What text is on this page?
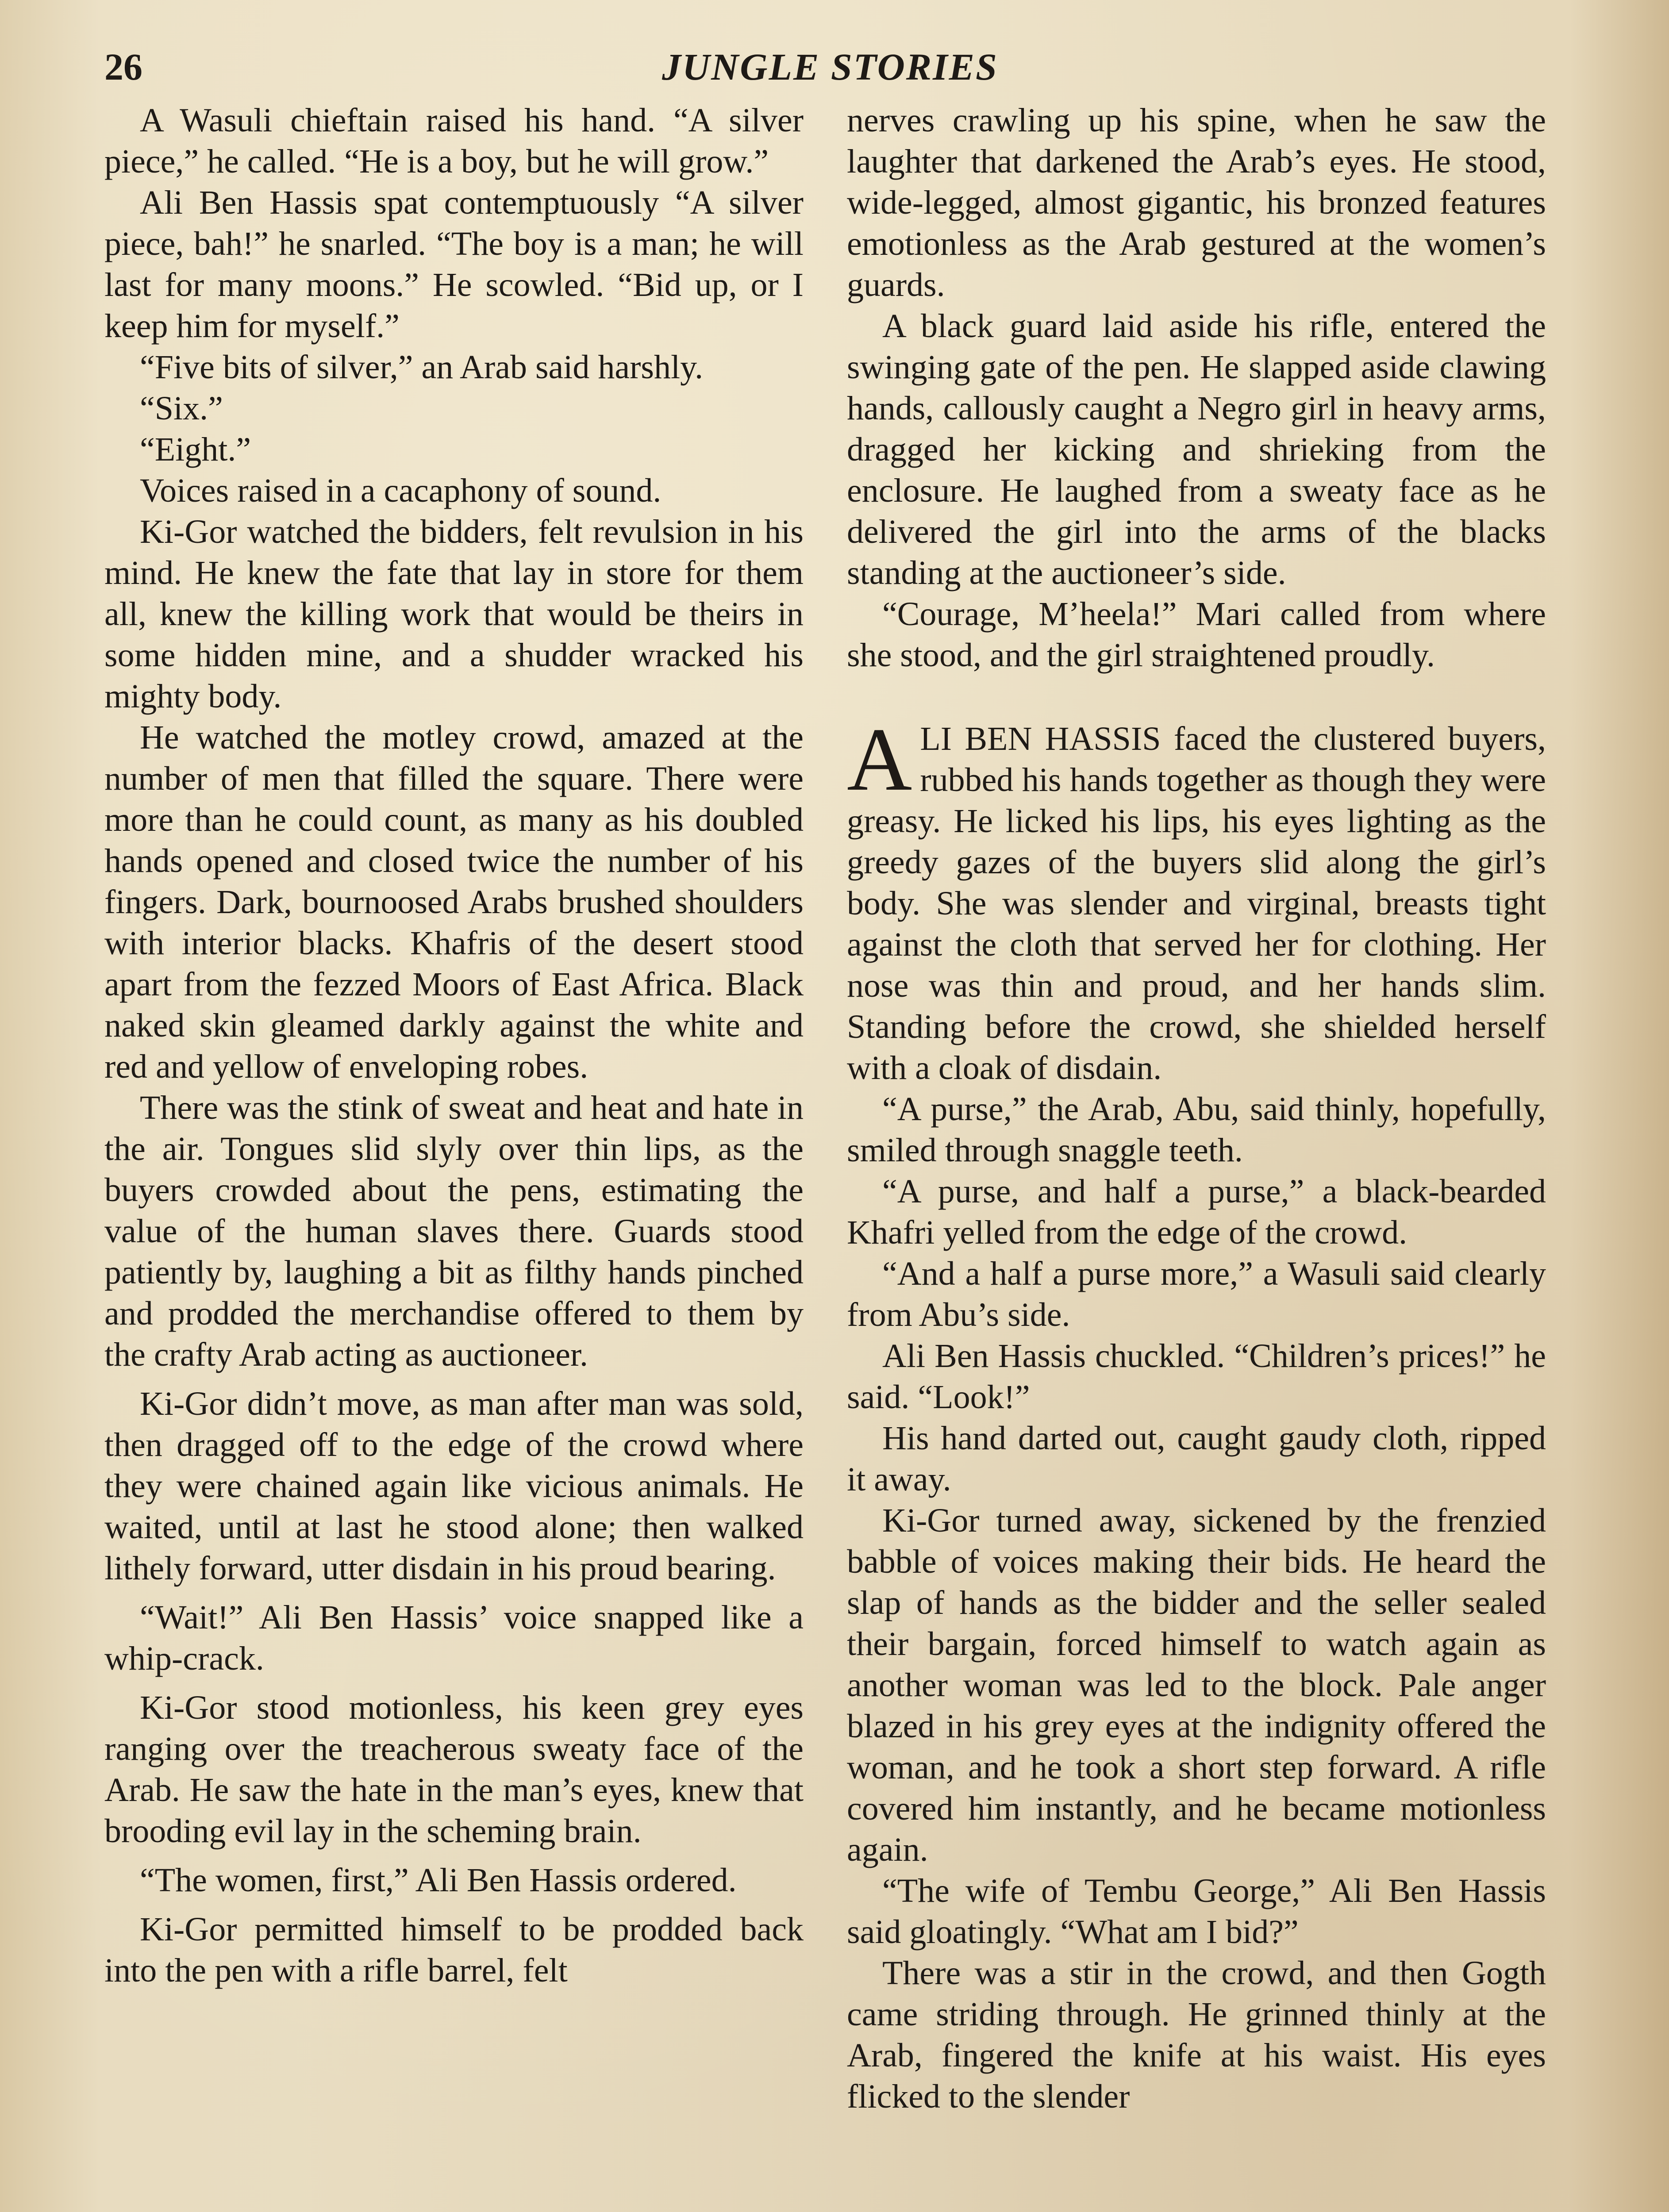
26	JUNGLE STORIES

A Wasuli chieftain raised his hand. “A silver piece,” he called. “He is a boy, but he will grow.”

Ali Ben Hassis spat contemptuously “A silver piece, bah!” he snarled. “The boy is a man; he will last for many moons.” He scowled. “Bid up, or I keep him for myself.”

“Five bits of silver,” an Arab said harshly.

“Six.”

“Eight.”

Voices raised in a cacaphony of sound.

Ki-Gor watched the bidders, felt revulsion in his mind. He knew the fate that lay in store for them all, knew the killing work that would be theirs in some hidden mine, and a shudder wracked his mighty body.

He watched the motley crowd, amazed at the number of men that filled the square. There were more than he could count, as many as his doubled hands opened and closed twice the number of his fingers. Dark, bournoosed Arabs brushed shoulders with interior blacks. Khafris of the desert stood apart from the fezzed Moors of East Africa. Black naked skin gleamed darkly against the white and red and yellow of enveloping robes.

There was the stink of sweat and heat and hate in the air. Tongues slid slyly over thin lips, as the buyers crowded about the pens, estimating the value of the human slaves there. Guards stood patiently by, laughing a bit as filthy hands pinched and prodded the merchandise offered to them by the crafty Arab acting as auctioneer.

Ki-Gor didn’t move, as man after man was sold, then dragged off to the edge of the crowd where they were chained again like vicious animals. He waited, until at last he stood alone; then walked lithely forward, utter disdain in his proud bearing.

“Wait!” Ali Ben Hassis’ voice snapped like a whip-crack.

Ki-Gor stood motionless, his keen grey eyes ranging over the treacherous sweaty face of the Arab. He saw the hate in the man’s eyes, knew that brooding evil lay in the scheming brain.

“The women, first,” Ali Ben Hassis ordered.

Ki-Gor permitted himself to be prodded back into the pen with a rifle barrel, felt

nerves crawling up his spine, when he saw the laughter that darkened the Arab’s eyes. He stood, wide-legged, almost gigantic, his bronzed features emotionless as the Arab gestured at the women’s guards.

A black guard laid aside his rifle, entered the swinging gate of the pen. He slapped aside clawing hands, callously caught a Negro girl in heavy arms, dragged her kicking and shrieking from the enclosure. He laughed from a sweaty face as he delivered the girl into the arms of the blacks standing at the auctioneer’s side.

“Courage, M’heela!” Mari called from where she stood, and the girl straightened proudly.

ALI BEN HASSIS faced the clustered buyers, rubbed his hands together as though they were greasy. He licked his lips, his eyes lighting as the greedy gazes of the buyers slid along the girl’s body. She was slender and virginal, breasts tight against the cloth that served her for clothing. Her nose was thin and proud, and her hands slim. Standing before the crowd, she shielded herself with a cloak of disdain.

“A purse,” the Arab, Abu, said thinly, hopefully, smiled through snaggle teeth.

“A purse, and half a purse,” a black-bearded Khafri yelled from the edge of the crowd.

“And a half a purse more,” a Wasuli said clearly from Abu’s side.

Ali Ben Hassis chuckled. “Children’s prices!” he said. “Look!”

His hand darted out, caught gaudy cloth, ripped it away.

Ki-Gor turned away, sickened by the frenzied babble of voices making their bids. He heard the slap of hands as the bidder and the seller sealed their bargain, forced himself to watch again as another woman was led to the block. Pale anger blazed in his grey eyes at the indignity offered the woman, and he took a short step forward. A rifle covered him instantly, and he became motionless again.

“The wife of Tembu George,” Ali Ben Hassis said gloatingly. “What am I bid?”

There was a stir in the crowd, and then Gogth came striding through. He grinned thinly at the Arab, fingered the knife at his waist. His eyes flicked to the slender
